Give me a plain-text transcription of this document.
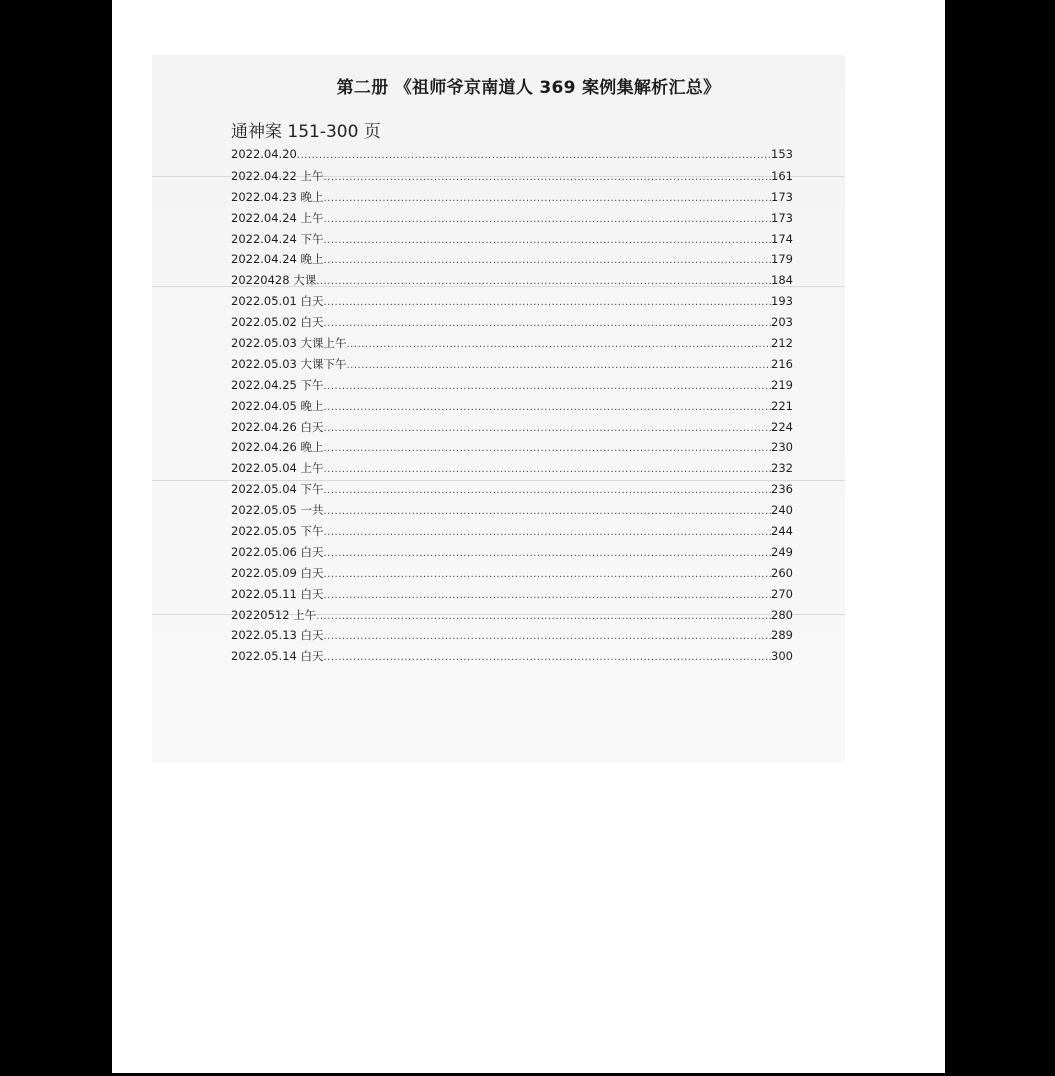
第二册 《祖师爷京南道人 369 案例集解析汇总》
通神案 151-300 页
2022.04.20 .....	153
2022.04.22 上午 .....	161
2022.04.23 晚上 .....	173
2022.04.24 上午 .....	173
2022.04.24 下午 .....	174
2022.04.24 晚上 .....	179
20220428 大课 .....	184
2022.05.01 白天 .....	193
2022.05.02 白天 .....	203
2022.05.03 大课上午 .....	212
2022.05.03 大课下午 .....	216
2022.04.25 下午 .....	219
2022.04.05 晚上 .....	221
2022.04.26 白天 .....	224
2022.04.26 晚上 .....	230
2022.05.04 上午 .....	232
2022.05.04 下午 .....	236
2022.05.05 一共 .....	240
2022.05.05 下午 .....	244
2022.05.06 白天 .....	249
2022.05.09 白天 .....	260
2022.05.11 白天 .....	270
20220512 上午 .....	280
2022.05.13 白天 .....	289
2022.05.14 白天 .....	300
